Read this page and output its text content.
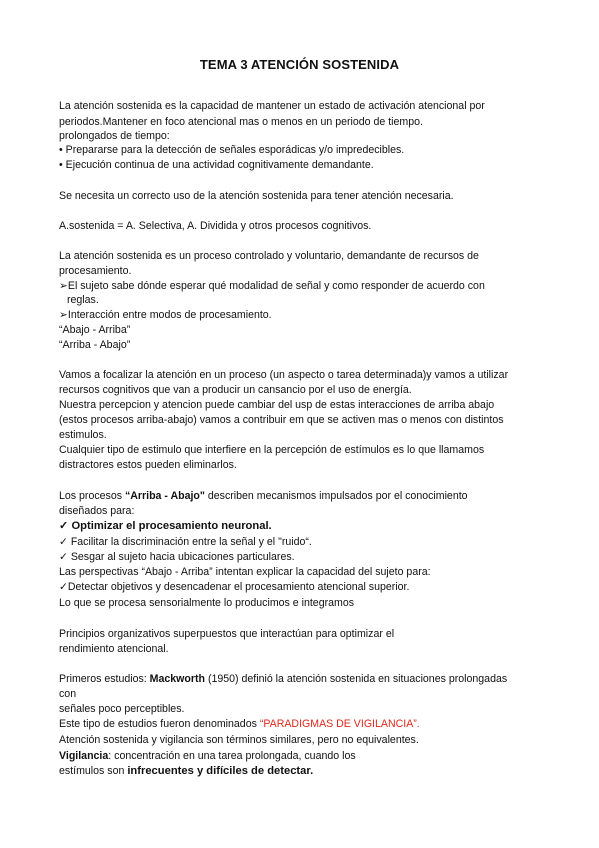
TEMA 3 ATENCIÓN SOSTENIDA
La atención sostenida es la capacidad de mantener un estado de activación atencional por
periodos.Mantener en foco atencional mas o menos en un periodo de tiempo.
prolongados de tiempo:
• Prepararse para la detección de señales esporádicas y/o impredecibles.
• Ejecución continua de una actividad cognitivamente demandante.
Se necesita un correcto uso de la atención sostenida para tener atención necesaria.
A.sostenida = A. Selectiva, A. Dividida y otros procesos cognitivos.
La atención sostenida es un proceso controlado y voluntario, demandante de recursos de
procesamiento.
➢El sujeto sabe dónde esperar qué modalidad de señal y como responder de acuerdo con
reglas.
➢Interacción entre modos de procesamiento.
“Abajo - Arriba”
“Arriba - Abajo”
Vamos a focalizar la atención en un proceso (un aspecto o tarea determinada)y vamos a utilizar
recursos cognitivos que van a producir un cansancio por el uso de energía.
Nuestra percepcion y atencion puede cambiar del usp de estas interacciones de arriba abajo
(estos procesos arriba-abajo) vamos a contribuir em que se activen mas o menos con distintos
estimulos.
Cualquier tipo de estimulo que interfiere en la percepción de estímulos es lo que llamamos
distractores estos pueden eliminarlos.
Los procesos “Arriba - Abajo" describen mecanismos impulsados por el conocimiento
diseñados para:
✓ Optimizar el procesamiento neuronal.
✓ Facilitar la discriminación entre la señal y el "ruido“.
✓ Sesgar al sujeto hacia ubicaciones particulares.
Las perspectivas “Abajo - Arriba” intentan explicar la capacidad del sujeto para:
✓Detectar objetivos y desencadenar el procesamiento atencional superior.
Lo que se procesa sensorialmente lo producimos e integramos
Principios organizativos superpuestos que interactúan para optimizar el
rendimiento atencional.
Primeros estudios: Mackworth (1950) definió la atención sostenida en situaciones prolongadas
con
señales poco perceptibles.
Este tipo de estudios fueron denominados “PARADIGMAS DE VIGILANCIA”.
Atención sostenida y vigilancia son términos similares, pero no equivalentes.
Vigilancia: concentración en una tarea prolongada, cuando los
estímulos son infrecuentes y difíciles de detectar.
